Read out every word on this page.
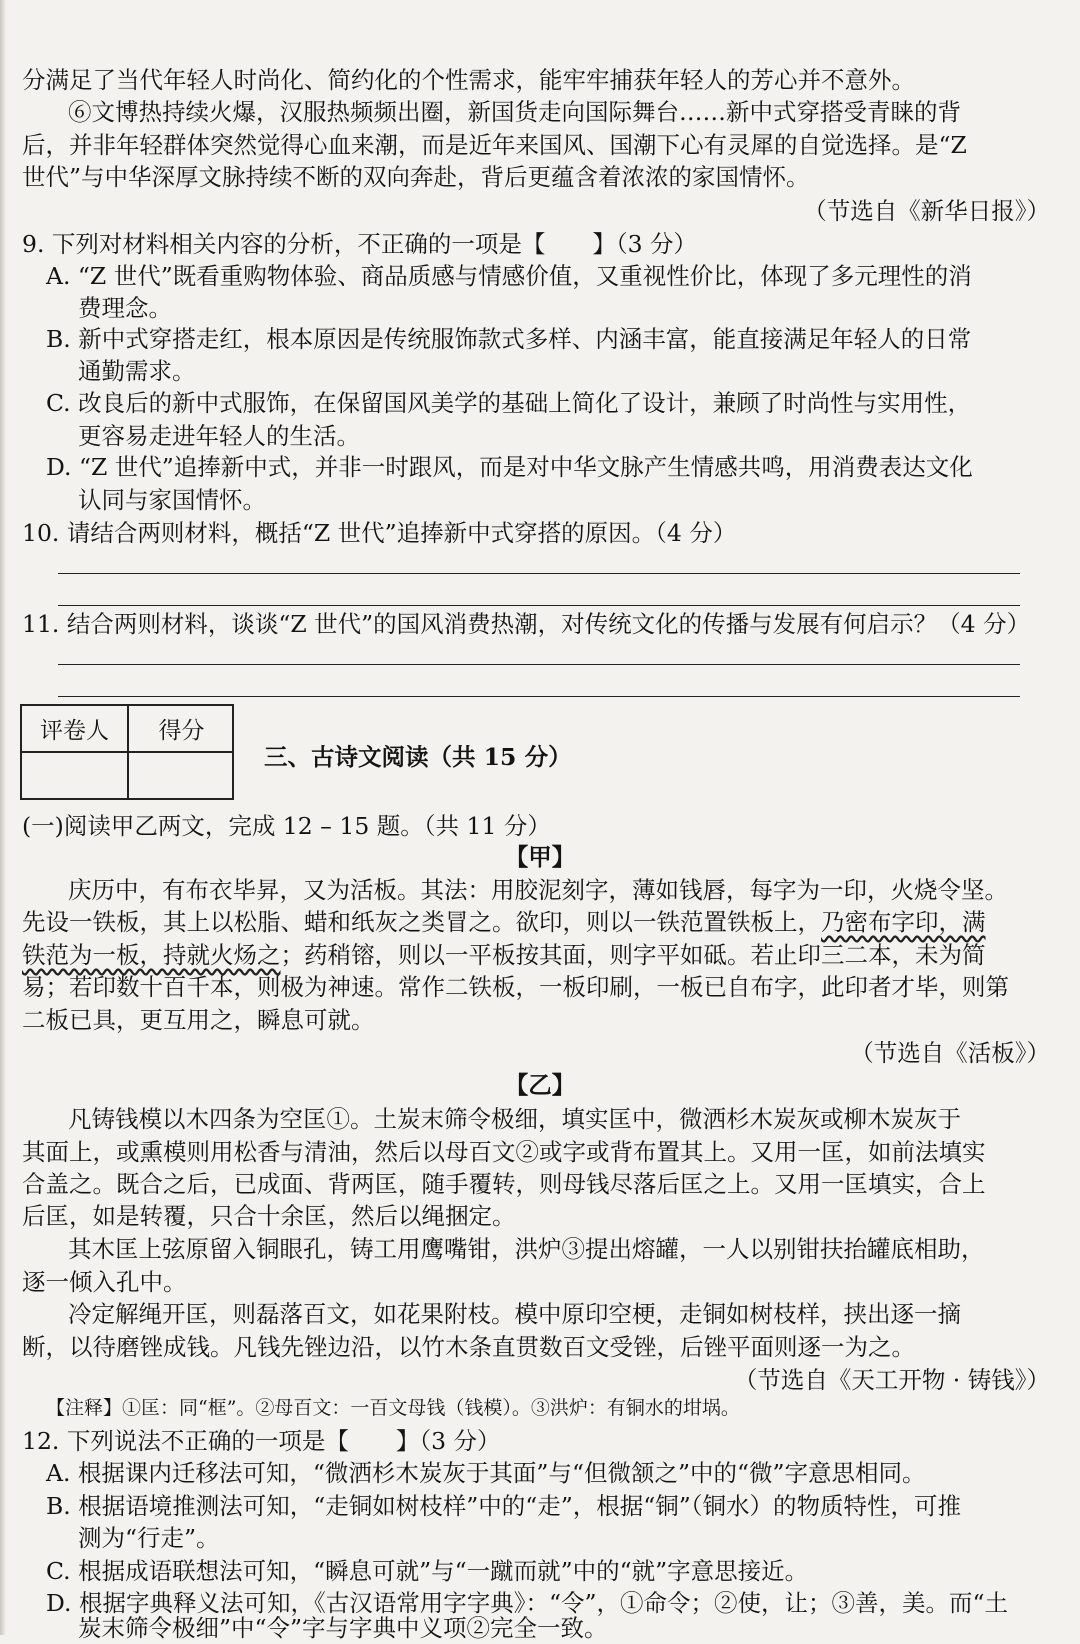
分满足了当代年轻人时尚化、简约化的个性需求，能牢牢捕获年轻人的芳心并不意外。
⑥文博热持续火爆，汉服热频频出圈，新国货走向国际舞台……新中式穿搭受青睐的背
后，并非年轻群体突然觉得心血来潮，而是近年来国风、国潮下心有灵犀的自觉选择。是“Z
世代”与中华深厚文脉持续不断的双向奔赴，背后更蕴含着浓浓的家国情怀。
（节选自《新华日报》）
9. 下列对材料相关内容的分析，不正确的一项是【　　】（3 分）
A. “Z 世代”既看重购物体验、商品质感与情感价值，又重视性价比，体现了多元理性的消
费理念。
B. 新中式穿搭走红，根本原因是传统服饰款式多样、内涵丰富，能直接满足年轻人的日常
通勤需求。
C. 改良后的新中式服饰，在保留国风美学的基础上简化了设计，兼顾了时尚性与实用性，
更容易走进年轻人的生活。
D. “Z 世代”追捧新中式，并非一时跟风，而是对中华文脉产生情感共鸣，用消费表达文化
认同与家国情怀。
10. 请结合两则材料，概括“Z 世代”追捧新中式穿搭的原因。（4 分）
11. 结合两则材料，谈谈“Z 世代”的国风消费热潮，对传统文化的传播与发展有何启示？（4 分）
评卷人	得分
三、古诗文阅读（共 15 分）
(一)阅读甲乙两文，完成 12 – 15 题。（共 11 分）
【甲】
庆历中，有布衣毕昇，又为活板。其法：用胶泥刻字，薄如钱唇，每字为一印，火烧令坚。
先设一铁板，其上以松脂、蜡和纸灰之类冒之。欲印，则以一铁范置铁板上，乃密布字印，满
铁范为一板，持就火炀之；药稍镕，则以一平板按其面，则字平如砥。若止印三二本，未为简
易；若印数十百千本，则极为神速。常作二铁板，一板印刷，一板已自布字，此印者才毕，则第
二板已具，更互用之，瞬息可就。
（节选自《活板》）
【乙】
凡铸钱模以木四条为空匡①。土炭末筛令极细，填实匡中，微洒杉木炭灰或柳木炭灰于
其面上，或熏模则用松香与清油，然后以母百文②或字或背布置其上。又用一匡，如前法填实
合盖之。既合之后，已成面、背两匡，随手覆转，则母钱尽落后匡之上。又用一匡填实，合上
后匡，如是转覆，只合十余匡，然后以绳捆定。
其木匡上弦原留入铜眼孔，铸工用鹰嘴钳，洪炉③提出熔罐，一人以别钳扶抬罐底相助，
逐一倾入孔中。
冷定解绳开匡，则磊落百文，如花果附枝。模中原印空梗，走铜如树枝样，挟出逐一摘
断，以待磨锉成钱。凡钱先锉边沿，以竹木条直贯数百文受锉，后锉平面则逐一为之。
（节选自《天工开物 · 铸钱》）
【注释】①匡：同“框”。②母百文：一百文母钱（钱模）。③洪炉：有铜水的坩埚。
12. 下列说法不正确的一项是【　　】（3 分）
A. 根据课内迁移法可知，“微洒杉木炭灰于其面”与“但微颔之”中的“微”字意思相同。
B. 根据语境推测法可知，“走铜如树枝样”中的“走”，根据“铜”（铜水）的物质特性，可推
测为“行走”。
C. 根据成语联想法可知，“瞬息可就”与“一蹴而就”中的“就”字意思接近。
D. 根据字典释义法可知，《古汉语常用字字典》：“令”，①命令；②使，让；③善，美。而“土
炭末筛令极细”中“令”字与字典中义项②完全一致。
